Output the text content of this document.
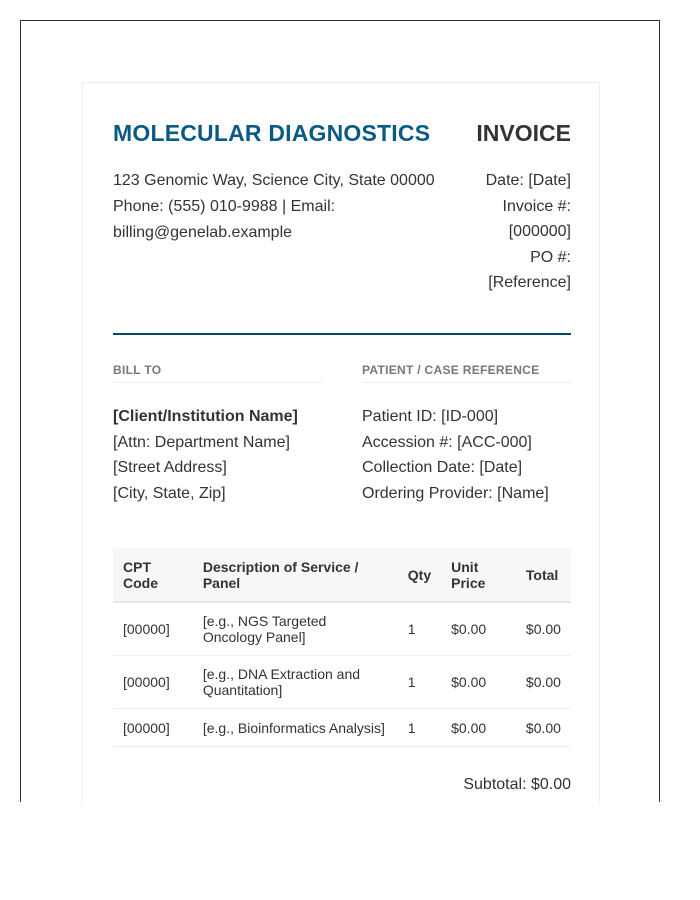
MOLECULAR DIAGNOSTICS INVOICE
123 Genomic Way, Science City, State 00000
Phone: (555) 010-9988 | Email:
billing@genelab.example
Date: [Date]
Invoice #:
[000000]
PO #:
[Reference]
BILL TO
[Client/Institution Name]
[Attn: Department Name]
[Street Address]
[City, State, Zip]
PATIENT / CASE REFERENCE
Patient ID: [ID-000]
Accession #: [ACC-000]
Collection Date: [Date]
Ordering Provider: [Name]
CPT Code	Description of Service / Panel	Qty	Unit Price	Total
[00000]	[e.g., NGS Targeted Oncology Panel]	1	$0.00	$0.00
[00000]	[e.g., DNA Extraction and Quantitation]	1	$0.00	$0.00
[00000]	[e.g., Bioinformatics Analysis]	1	$0.00	$0.00
Subtotal: $0.00
